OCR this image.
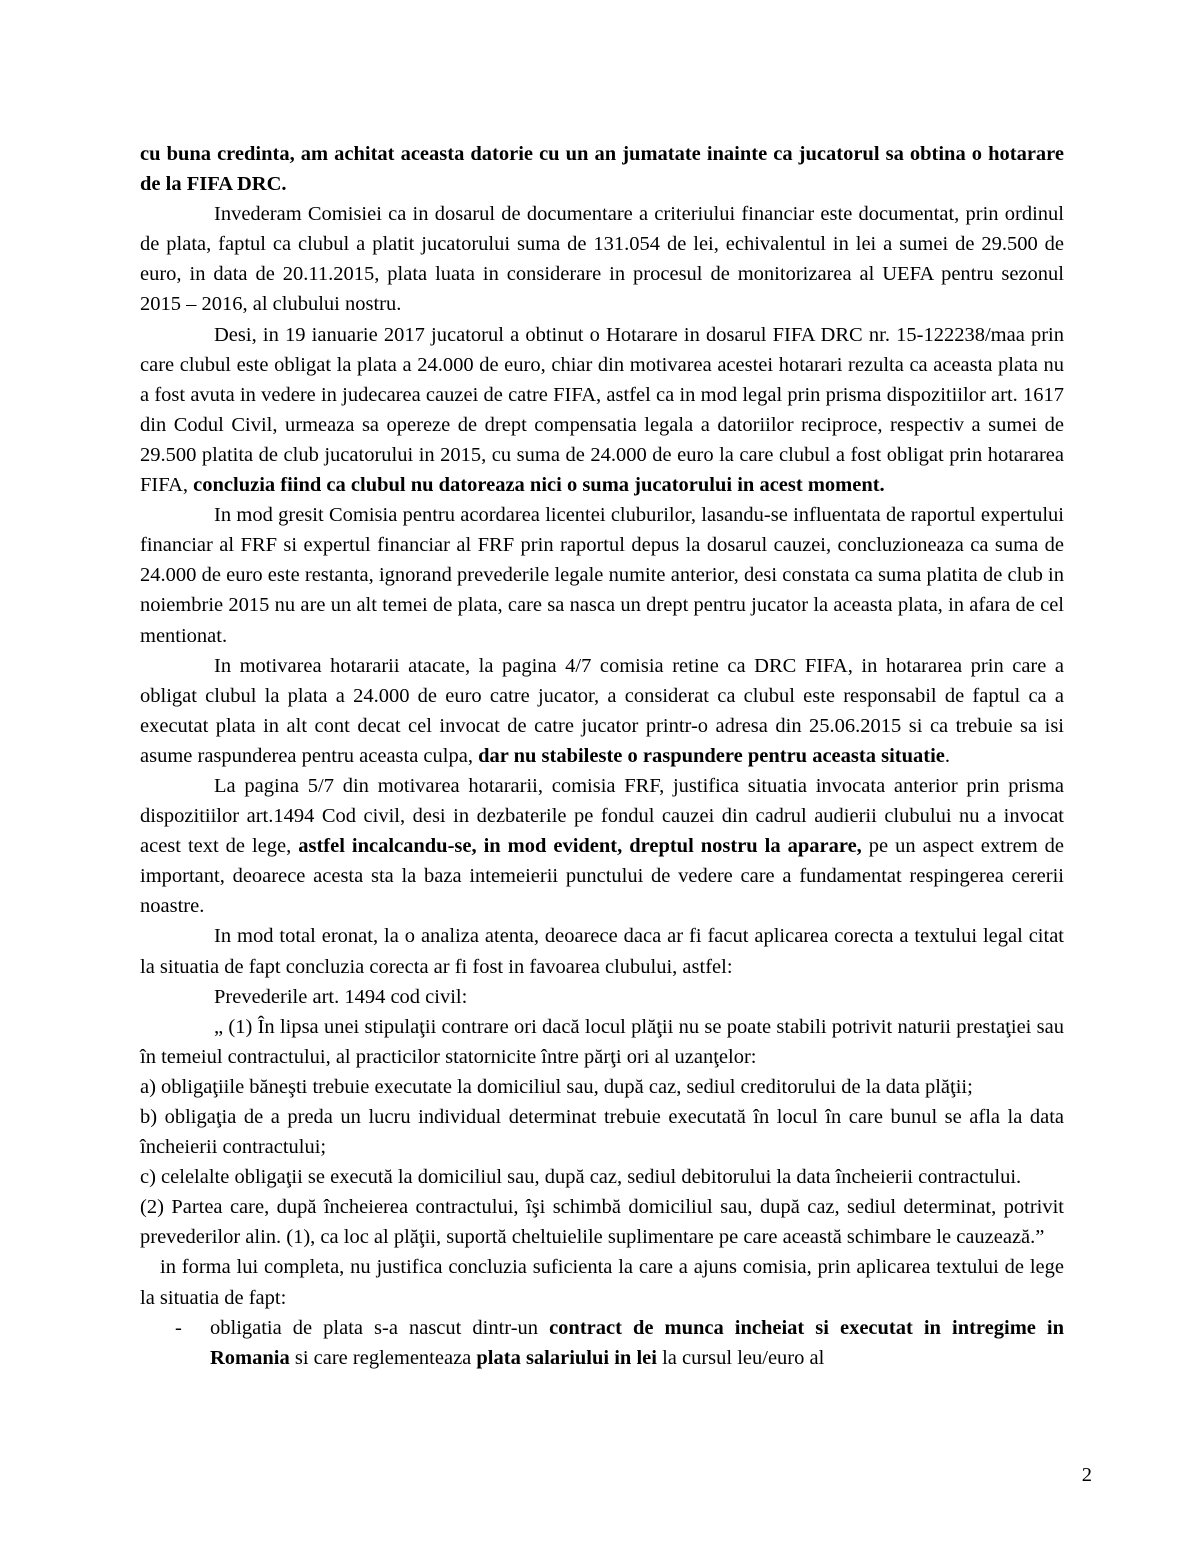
cu buna credinta, am achitat aceasta datorie cu un an jumatate inainte ca jucatorul sa obtina o hotarare de la FIFA DRC.

Invederam Comisiei ca in dosarul de documentare a criteriului financiar este documentat, prin ordinul de plata, faptul ca clubul a platit jucatorului suma de 131.054 de lei, echivalentul in lei a sumei de 29.500 de euro, in data de 20.11.2015, plata luata in considerare in procesul de monitorizarea al UEFA pentru sezonul 2015 – 2016, al clubului nostru.

Desi, in 19 ianuarie 2017 jucatorul a obtinut o Hotarare in dosarul FIFA DRC nr. 15-122238/maa prin care clubul este obligat la plata a 24.000 de euro, chiar din motivarea acestei hotarari rezulta ca aceasta plata nu a fost avuta in vedere in judecarea cauzei de catre FIFA, astfel ca in mod legal prin prisma dispozitiilor art. 1617 din Codul Civil, urmeaza sa opereze de drept compensatia legala a datoriilor reciproce, respectiv a sumei de 29.500 platita de club jucatorului in 2015, cu suma de 24.000 de euro la care clubul a fost obligat prin hotararea FIFA, concluzia fiind ca clubul nu datoreaza nici o suma jucatorului in acest moment.

In mod gresit Comisia pentru acordarea licentei cluburilor, lasandu-se influentata de raportul expertului financiar al FRF si expertul financiar al FRF prin raportul depus la dosarul cauzei, concluzioneaza ca suma de 24.000 de euro este restanta, ignorand prevederile legale numite anterior, desi constata ca suma platita de club in noiembrie 2015 nu are un alt temei de plata, care sa nasca un drept pentru jucator la aceasta plata, in afara de cel mentionat.

In motivarea hotararii atacate, la pagina 4/7 comisia retine ca DRC FIFA, in hotararea prin care a obligat clubul la plata a 24.000 de euro catre jucator, a considerat ca clubul este responsabil de faptul ca a executat plata in alt cont decat cel invocat de catre jucator printr-o adresa din 25.06.2015 si ca trebuie sa isi asume raspunderea pentru aceasta culpa, dar nu stabileste o raspundere pentru aceasta situatie.

La pagina 5/7 din motivarea hotararii, comisia FRF, justifica situatia invocata anterior prin prisma dispozitiilor art.1494 Cod civil, desi in dezbaterile pe fondul cauzei din cadrul audierii clubului nu a invocat acest text de lege, astfel incalcandu-se, in mod evident, dreptul nostru la aparare, pe un aspect extrem de important, deoarece acesta sta la baza intemeierii punctului de vedere care a fundamentat respingerea cererii noastre.

In mod total eronat, la o analiza atenta, deoarece daca ar fi facut aplicarea corecta a textului legal citat la situatia de fapt concluzia corecta ar fi fost in favoarea clubului, astfel:

Prevederile art. 1494 cod civil:

„ (1) În lipsa unei stipulaţii contrare ori dacă locul plăţii nu se poate stabili potrivit naturii prestaţiei sau în temeiul contractului, al practicilor statornicite între părţi ori al uzanţelor:

a) obligaţiile băneşti trebuie executate la domiciliul sau, după caz, sediul creditorului de la data plăţii;

b) obligaţia de a preda un lucru individual determinat trebuie executată în locul în care bunul se afla la data încheierii contractului;

c) celelalte obligaţii se execută la domiciliul sau, după caz, sediul debitorului la data încheierii contractului.

(2) Partea care, după încheierea contractului, îşi schimbă domiciliul sau, după caz, sediul determinat, potrivit prevederilor alin. (1), ca loc al plăţii, suportă cheltuielile suplimentare pe care această schimbare le cauzează.”

in forma lui completa, nu justifica concluzia suficienta la care a ajuns comisia, prin aplicarea textului de lege la situatia de fapt:

- obligatia de plata s-a nascut dintr-un contract de munca incheiat si executat in intregime in Romania si care reglementeaza plata salariului in lei la cursul leu/euro al

2
